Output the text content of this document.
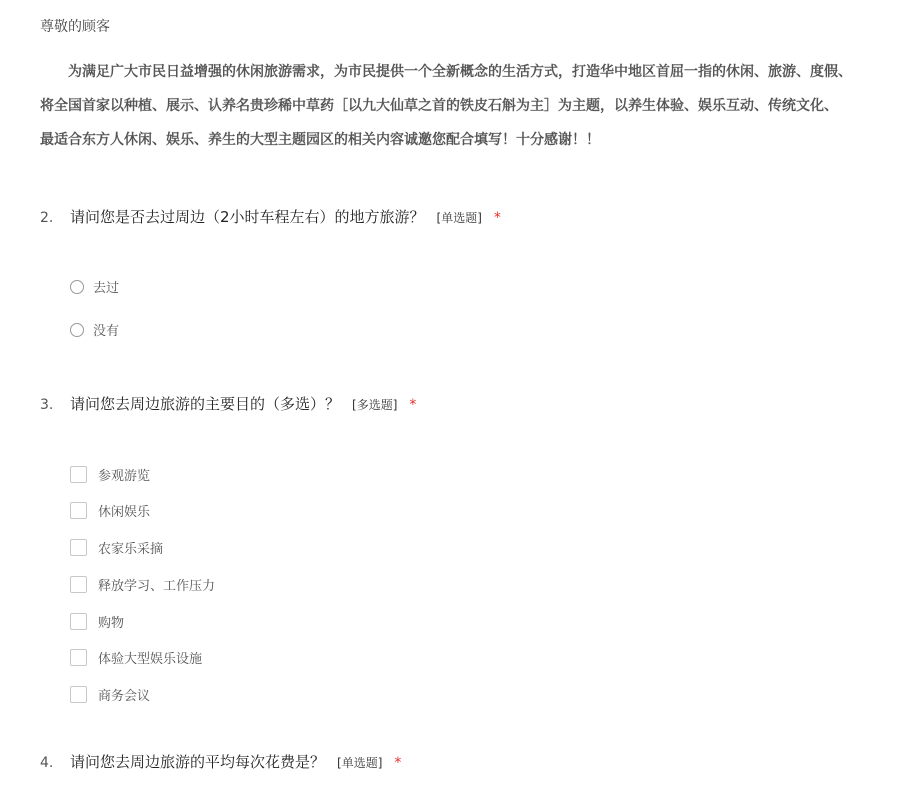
尊敬的顾客
为满足广大市民日益增强的休闲旅游需求，为市民提供一个全新概念的生活方式，打造华中地区首屈一指的休闲、旅游、度假、
将全国首家以种植、展示、认养名贵珍稀中草药［以九大仙草之首的铁皮石斛为主］为主题，以养生体验、娱乐互动、传统文化、
最适合东方人休闲、娱乐、养生的大型主题园区的相关内容诚邀您配合填写！十分感谢！！
2. 请问您是否去过周边（2小时车程左右）的地方旅游？ [单选题] *
去过
没有
3. 请问您去周边旅游的主要目的（多选）？ [多选题] *
参观游览
休闲娱乐
农家乐采摘
释放学习、工作压力
购物
体验大型娱乐设施
商务会议
4. 请问您去周边旅游的平均每次花费是？ [单选题] *
